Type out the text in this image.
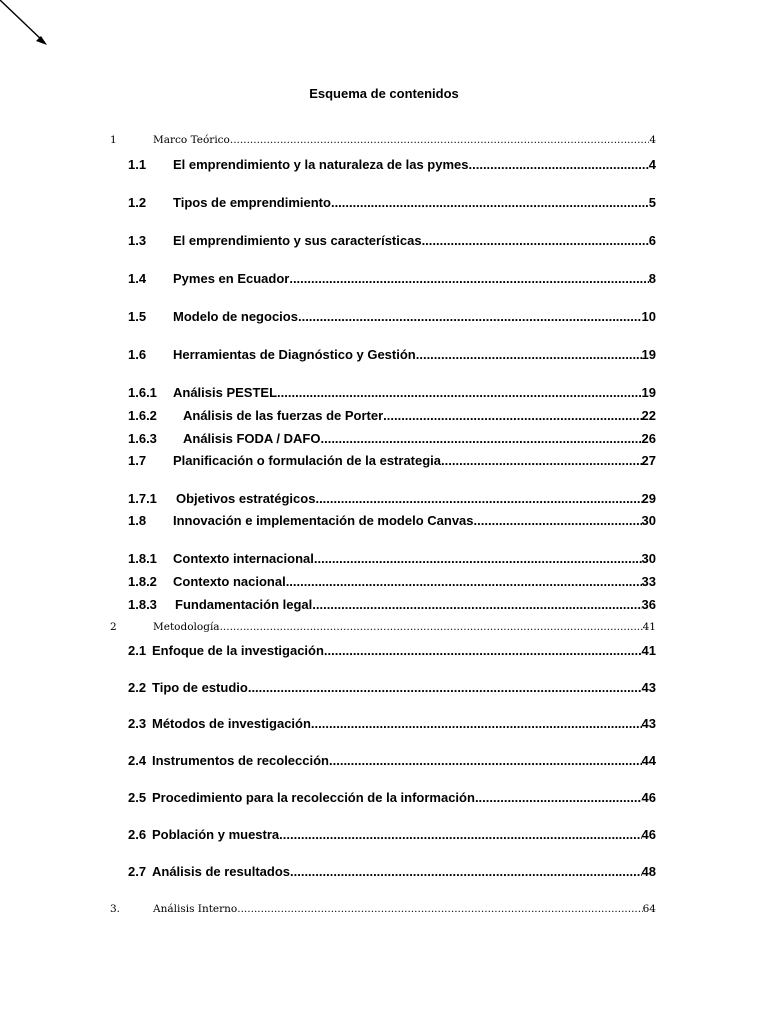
Esquema de contenidos
1	Marco Teórico .....	4
1.1	El emprendimiento y la naturaleza de las pymes .....	4
1.2	Tipos de emprendimiento .....	5
1.3	El emprendimiento y sus características .....	6
1.4	Pymes en Ecuador .....	8
1.5	Modelo de negocios .....	10
1.6	Herramientas de Diagnóstico y Gestión .....	19
1.6.1	Análisis PESTEL .....	19
1.6.2	Análisis de las fuerzas de Porter .....	22
1.6.3	Análisis FODA / DAFO .....	26
1.7	Planificación o formulación de la estrategia .....	27
1.7.1	Objetivos estratégicos .....	29
1.8	Innovación e implementación de modelo Canvas .....	30
1.8.1	Contexto internacional .....	30
1.8.2	Contexto nacional .....	33
1.8.3	Fundamentación legal .....	36
2	Metodología .....	41
2.1 Enfoque de la investigación .....	41
2.2 Tipo de estudio .....	43
2.3 Métodos de investigación .....	43
2.4 Instrumentos de recolección .....	44
2.5 Procedimiento para la recolección de la información .....	46
2.6 Población y muestra .....	46
2.7 Análisis de resultados .....	48
3.	Análisis Interno .....	64
